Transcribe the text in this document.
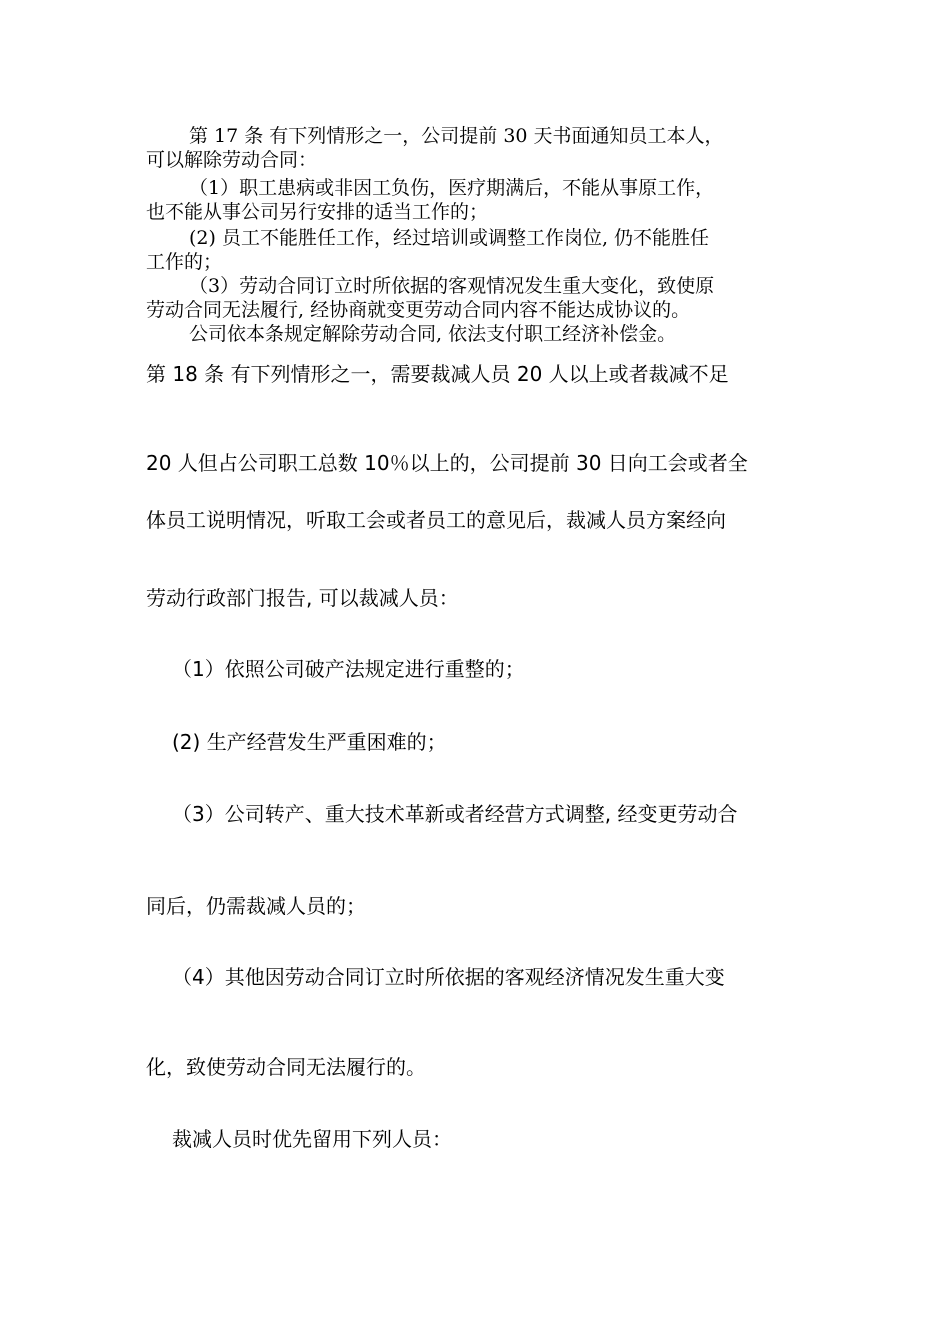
第 17 条 有下列情形之一，公司提前 30 天书面通知员工本人，

可以解除劳动合同：

（1）职工患病或非因工负伤，医疗期满后，不能从事原工作，

也不能从事公司另行安排的适当工作的；

(2) 员工不能胜任工作，经过培训或调整工作岗位, 仍不能胜任

工作的；

（3）劳动合同订立时所依据的客观情况发生重大变化，致使原

劳动合同无法履行, 经协商就变更劳动合同内容不能达成协议的。

公司依本条规定解除劳动合同, 依法支付职工经济补偿金。

第 18 条 有下列情形之一，需要裁减人员 20 人以上或者裁减不足

20 人但占公司职工总数 10％以上的，公司提前 30 日向工会或者全

体员工说明情况，听取工会或者员工的意见后，裁减人员方案经向

劳动行政部门报告, 可以裁减人员：

（1）依照公司破产法规定进行重整的；

(2) 生产经营发生严重困难的；

（3）公司转产、重大技术革新或者经营方式调整, 经变更劳动合

同后，仍需裁减人员的；

（4）其他因劳动合同订立时所依据的客观经济情况发生重大变

化，致使劳动合同无法履行的。

裁减人员时优先留用下列人员：
